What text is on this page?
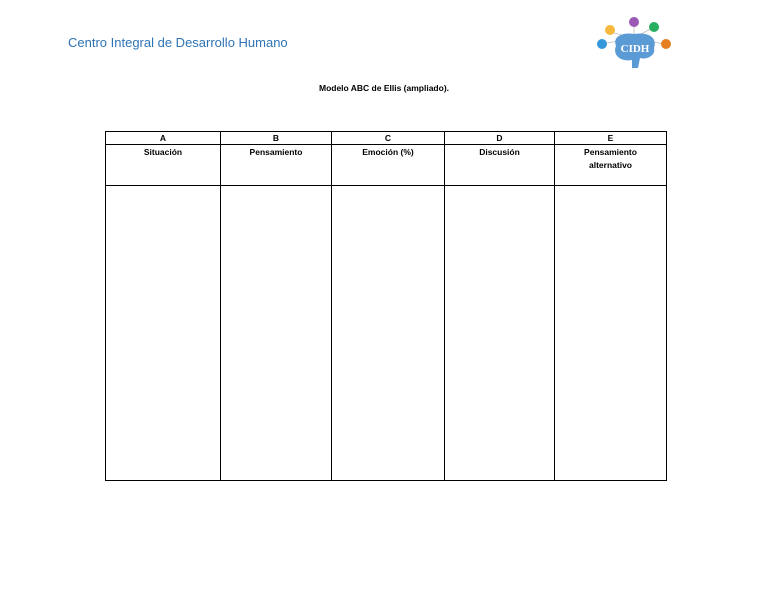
Centro Integral de Desarrollo Humano	CIDH
Modelo ABC de Ellis (ampliado).
A	B	C	D	E
Situación	Pensamiento	Emoción (%)	Discusión	Pensamiento alternativo
